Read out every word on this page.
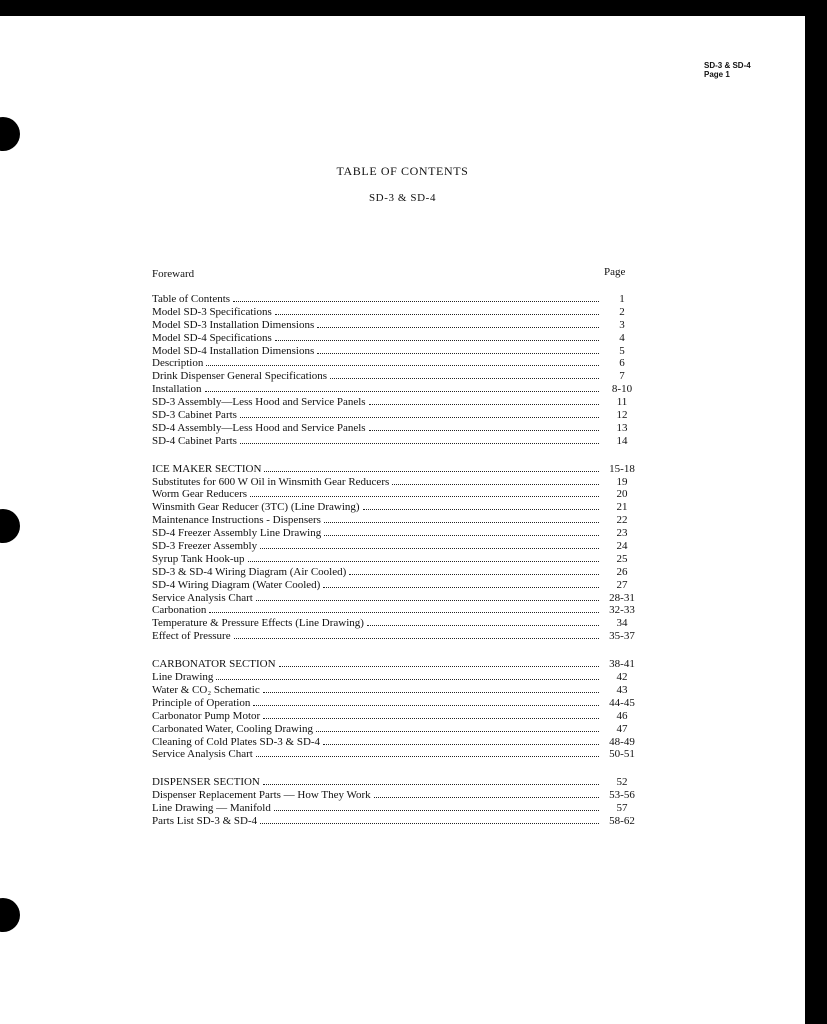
SD-3 & SD-4
Page 1
TABLE OF CONTENTS
SD-3 & SD-4
Foreward	Page
Table of Contents	1
Model SD-3 Specifications	2
Model SD-3 Installation Dimensions	3
Model SD-4 Specifications	4
Model SD-4 Installation Dimensions	5
Description	6
Drink Dispenser General Specifications	7
Installation	8-10
SD-3 Assembly—Less Hood and Service Panels	11
SD-3 Cabinet Parts	12
SD-4 Assembly—Less Hood and Service Panels	13
SD-4 Cabinet Parts	14
ICE MAKER SECTION	15-18
Substitutes for 600 W Oil in Winsmith Gear Reducers	19
Worm Gear Reducers	20
Winsmith Gear Reducer (3TC) (Line Drawing)	21
Maintenance Instructions - Dispensers	22
SD-4 Freezer Assembly Line Drawing	23
SD-3 Freezer Assembly	24
Syrup Tank Hook-up	25
SD-3 & SD-4 Wiring Diagram (Air Cooled)	26
SD-4 Wiring Diagram (Water Cooled)	27
Service Analysis Chart	28-31
Carbonation	32-33
Temperature & Pressure Effects (Line Drawing)	34
Effect of Pressure	35-37
CARBONATOR SECTION	38-41
Line Drawing	42
Water & CO₂ Schematic	43
Principle of Operation	44-45
Carbonator Pump Motor	46
Carbonated Water, Cooling Drawing	47
Cleaning of Cold Plates SD-3 & SD-4	48-49
Service Analysis Chart	50-51
DISPENSER SECTION	52
Dispenser Replacement Parts — How They Work	53-56
Line Drawing — Manifold	57
Parts List SD-3 & SD-4	58-62
